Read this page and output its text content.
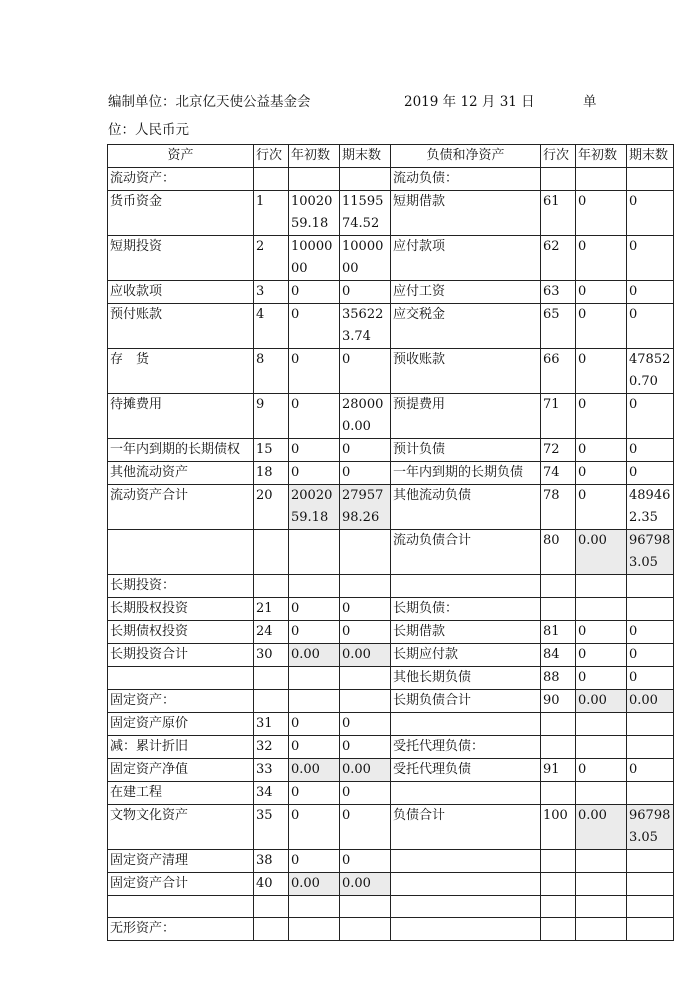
编制单位：北京亿天使公益基金会	2019 年 12 月 31 日	单
位：人民币元
资产	行次	年初数	期末数	负债和净资产	行次	年初数	期末数
流动资产：				流动负债：			
货币资金	1	1002059.18	1159574.52	短期借款	61	0	0
短期投资	2	1000000	1000000	应付款项	62	0	0
应收款项	3	0	0	应付工资	63	0	0
预付账款	4	0	356223.74	应交税金	65	0	0
存　货	8	0	0	预收账款	66	0	478520.70
待摊费用	9	0	280000.00	预提费用	71	0	0
一年内到期的长期债权	15	0	0	预计负债	72	0	0
其他流动资产	18	0	0	一年内到期的长期负债	74	0	0
流动资产合计	20	2002059.18	2795798.26	其他流动负债	78	0	489462.35
				流动负债合计	80	0.00	967983.05
长期投资：							
长期股权投资	21	0	0	长期负债：			
长期债权投资	24	0	0	长期借款	81	0	0
长期投资合计	30	0.00	0.00	长期应付款	84	0	0
				其他长期负债	88	0	0
固定资产：				长期负债合计	90	0.00	0.00
固定资产原价	31	0	0				
减：累计折旧	32	0	0	受托代理负债：			
固定资产净值	33	0.00	0.00	受托代理负债	91	0	0
在建工程	34	0	0				
文物文化资产	35	0	0	负债合计	100	0.00	967983.05
固定资产清理	38	0	0				
固定资产合计	40	0.00	0.00				

无形资产：							
